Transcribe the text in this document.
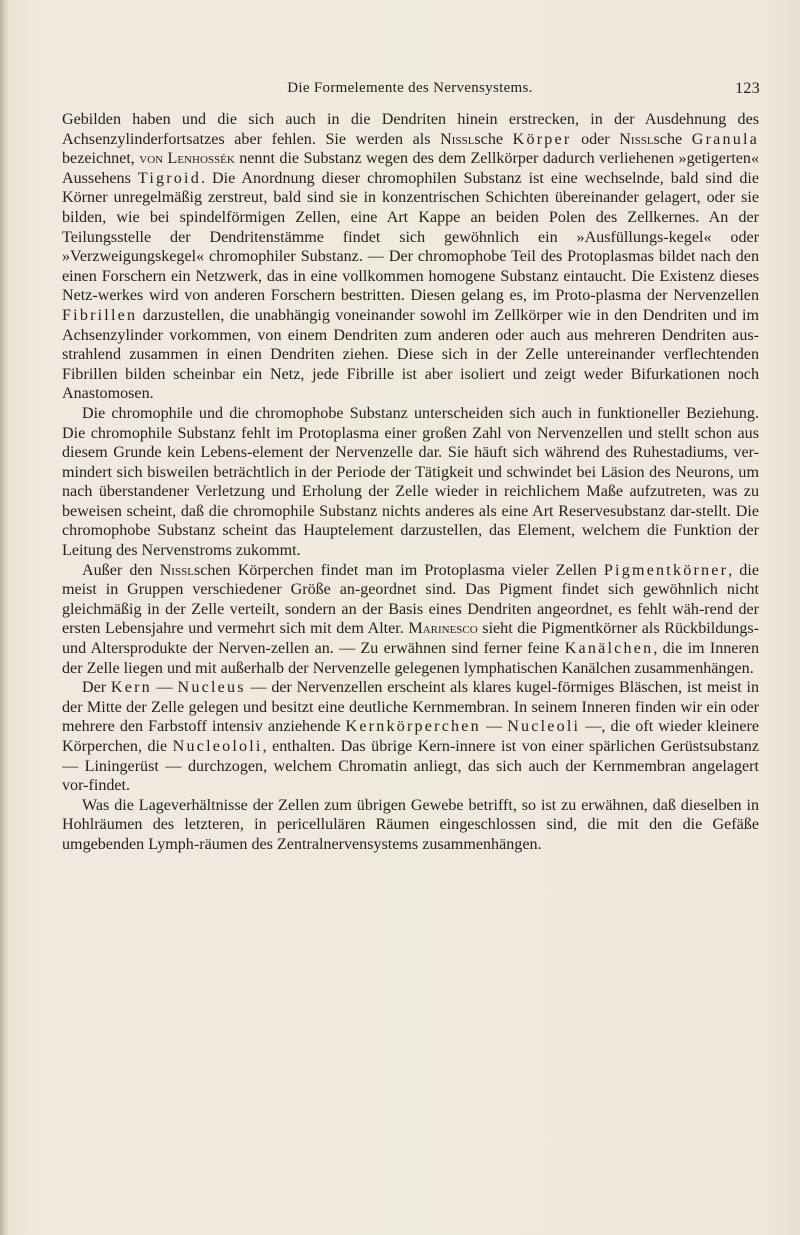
Die Formelemente des Nervensystems.	123

Gebilden haben und die sich auch in die Dendriten hinein erstrecken, in der Ausdehnung des Achsenzylinderfortsatzes aber fehlen. Sie werden als Nisslsche Körper oder Nisslsche Granula bezeichnet, von Lenhossék nennt die Substanz wegen des dem Zellkörper dadurch verliehenen »getigerten« Aussehens Tigroid. Die Anordnung dieser chromophilen Substanz ist eine wechselnde, bald sind die Körner unregelmäßig zerstreut, bald sind sie in konzentrischen Schichten übereinander gelagert, oder sie bilden, wie bei spindelförmigen Zellen, eine Art Kappe an beiden Polen des Zellkernes. An der Teilungsstelle der Dendritenstämme findet sich gewöhnlich ein »Ausfüllungs-kegel« oder »Verzweigungskegel« chromophiler Substanz. — Der chromophobe Teil des Protoplasmas bildet nach den einen Forschern ein Netzwerk, das in eine vollkommen homogene Substanz eintaucht. Die Existenz dieses Netz-werkes wird von anderen Forschern bestritten. Diesen gelang es, im Proto-plasma der Nervenzellen Fibrillen darzustellen, die unabhängig voneinander sowohl im Zellkörper wie in den Dendriten und im Achsenzylinder vorkommen, von einem Dendriten zum anderen oder auch aus mehreren Dendriten aus-strahlend zusammen in einen Dendriten ziehen. Diese sich in der Zelle untereinander verflechtenden Fibrillen bilden scheinbar ein Netz, jede Fibrille ist aber isoliert und zeigt weder Bifurkationen noch Anastomosen.

Die chromophile und die chromophobe Substanz unterscheiden sich auch in funktioneller Beziehung. Die chromophile Substanz fehlt im Protoplasma einer großen Zahl von Nervenzellen und stellt schon aus diesem Grunde kein Lebens-element der Nervenzelle dar. Sie häuft sich während des Ruhestadiums, ver-mindert sich bisweilen beträchtlich in der Periode der Tätigkeit und schwindet bei Läsion des Neurons, um nach überstandener Verletzung und Erholung der Zelle wieder in reichlichem Maße aufzutreten, was zu beweisen scheint, daß die chromophile Substanz nichts anderes als eine Art Reservesubstanz dar-stellt. Die chromophobe Substanz scheint das Hauptelement darzustellen, das Element, welchem die Funktion der Leitung des Nervenstroms zukommt.

Außer den Nisslschen Körperchen findet man im Protoplasma vieler Zellen Pigmentkörner, die meist in Gruppen verschiedener Größe an-geordnet sind. Das Pigment findet sich gewöhnlich nicht gleichmäßig in der Zelle verteilt, sondern an der Basis eines Dendriten angeordnet, es fehlt wäh-rend der ersten Lebensjahre und vermehrt sich mit dem Alter. Marinesco sieht die Pigmentkörner als Rückbildungs- und Altersprodukte der Nerven-zellen an. — Zu erwähnen sind ferner feine Kanälchen, die im Inneren der Zelle liegen und mit außerhalb der Nervenzelle gelegenen lymphatischen Kanälchen zusammenhängen.

Der Kern — Nucleus — der Nervenzellen erscheint als klares kugel-förmiges Bläschen, ist meist in der Mitte der Zelle gelegen und besitzt eine deutliche Kernmembran. In seinem Inneren finden wir ein oder mehrere den Farbstoff intensiv anziehende Kernkörperchen — Nucleoli —, die oft wieder kleinere Körperchen, die Nucleololi, enthalten. Das übrige Kern-innere ist von einer spärlichen Gerüstsubstanz — Liningerüst — durchzogen, welchem Chromatin anliegt, das sich auch der Kernmembran angelagert vor-findet.

Was die Lageverhältnisse der Zellen zum übrigen Gewebe betrifft, so ist zu erwähnen, daß dieselben in Hohlräumen des letzteren, in pericellulären Räumen eingeschlossen sind, die mit den die Gefäße umgebenden Lymph-räumen des Zentralnervensystems zusammenhängen.
